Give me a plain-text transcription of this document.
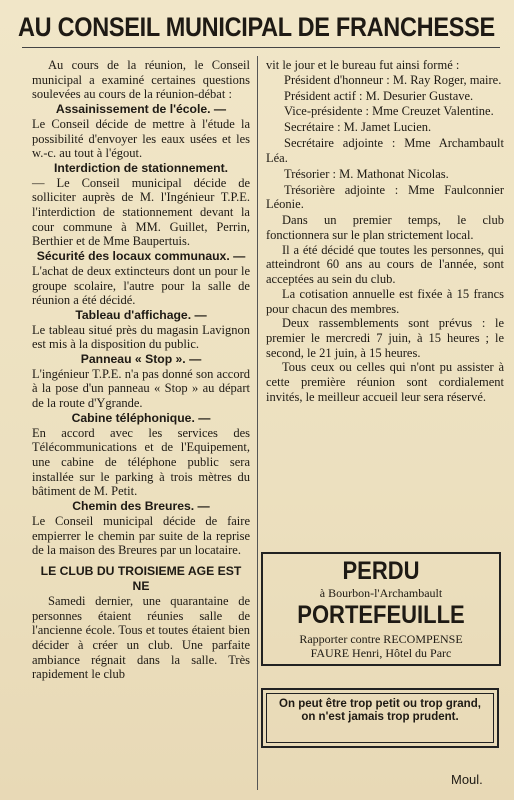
AU CONSEIL MUNICIPAL DE FRANCHESSE

Au cours de la réunion, le Conseil municipal a examiné certaines questions soulevées au cours de la réunion-débat :

Assainissement de l'école. —

Le Conseil décide de mettre à l'étude la possibilité d'envoyer les eaux usées et les w.-c. au tout à l'égout.

Interdiction de stationnement.

— Le Conseil municipal décide de solliciter auprès de M. l'Ingénieur T.P.E. l'interdiction de stationnement devant la cour commune à MM. Guillet, Perrin, Berthier et de Mme Baupertuis.

Sécurité des locaux communaux. —

L'achat de deux extincteurs dont un pour le groupe scolaire, l'autre pour la salle de réunion a été décidé.

Tableau d'affichage. —

Le tableau situé près du magasin Lavignon est mis à la disposition du public.

Panneau « Stop ». —

L'ingénieur T.P.E. n'a pas donné son accord à la pose d'un panneau « Stop » au départ de la route d'Ygrande.

Cabine téléphonique. —

En accord avec les services des Télécommunications et de l'Equipement, une cabine de téléphone public sera installée sur le parking à trois mètres du bâtiment de M. Petit.

Chemin des Breures. —

Le Conseil municipal décide de faire empierrer le chemin par suite de la reprise de la maison des Breures par un locataire.

LE CLUB DU TROISIEME AGE EST NE

Samedi dernier, une quarantaine de personnes étaient réunies salle de l'ancienne école. Tous et toutes étaient bien décider à créer un club. Une parfaite ambiance régnait dans la salle. Très rapidement le club

vit le jour et le bureau fut ainsi formé :

Président d'honneur : M. Ray Roger, maire.

Président actif : M. Desurier Gustave.

Vice-présidente : Mme Creuzet Valentine.

Secrétaire : M. Jamet Lucien.

Secrétaire adjointe : Mme Archambault Léa.

Trésorier : M. Mathonat Nicolas.

Trésorière adjointe : Mme Faulconnier Léonie.

Dans un premier temps, le club fonctionnera sur le plan strictement local.

Il a été décidé que toutes les personnes, qui atteindront 60 ans au cours de l'année, sont acceptées au sein du club.

La cotisation annuelle est fixée à 15 francs pour chacun des membres.

Deux rassemblements sont prévus : le premier le mercredi 7 juin, à 15 heures ; le second, le 21 juin, à 15 heures.

Tous ceux ou celles qui n'ont pu assister à cette première réunion sont cordialement invités, le meilleur accueil leur sera réservé.

PERDU
à Bourbon-l'Archambault
PORTEFEUILLE
Rapporter contre RECOMPENSE
FAURE Henri, Hôtel du Parc
On peut être trop petit ou trop grand, on n'est jamais trop prudent.
Moul.
